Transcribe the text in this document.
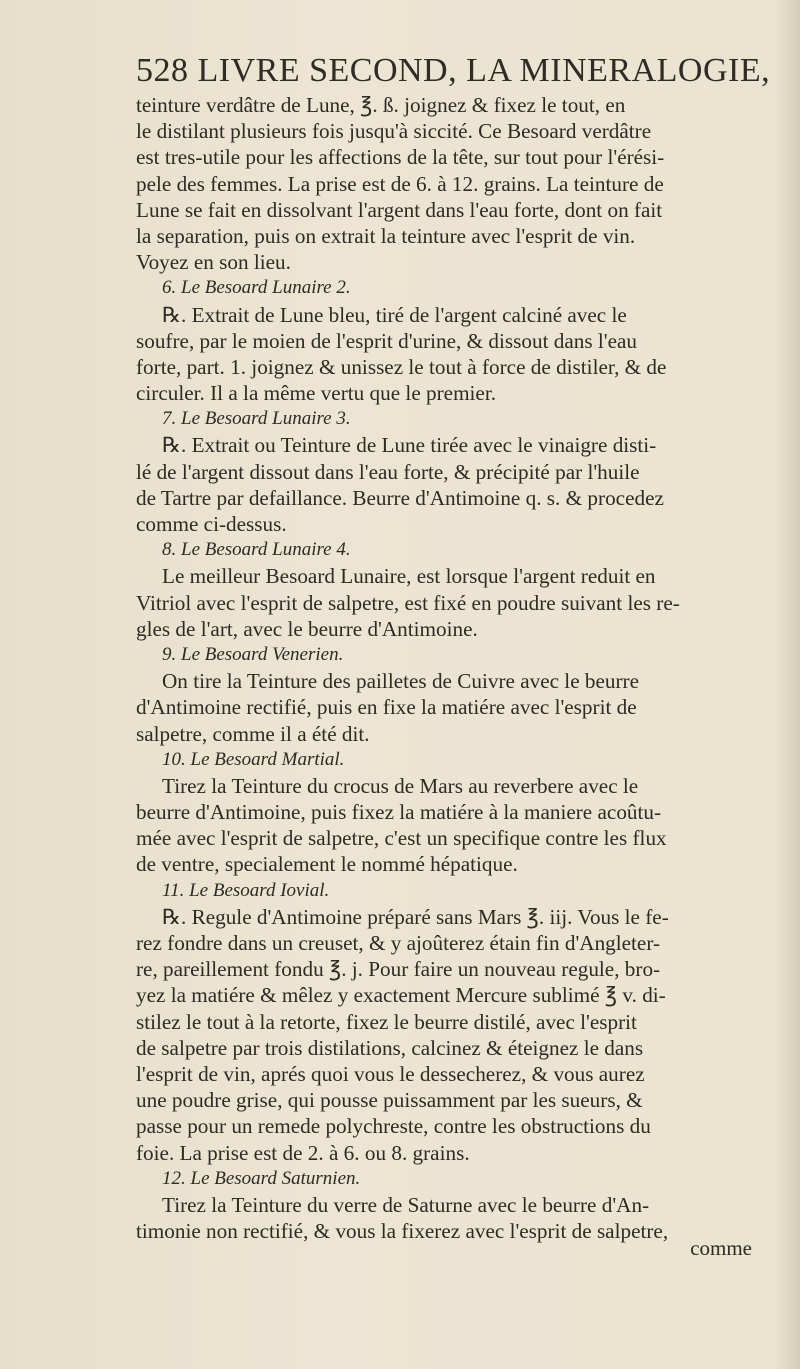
528 LIVRE SECOND, LA MINERALOGIE,
teinture verdâtre de Lune, ℥. ß. joignez & fixez le tout, en
le distilant plusieurs fois jusqu'à siccité. Ce Besoard verdâtre
est tres-utile pour les affections de la tête, sur tout pour l'érési-
pele des femmes. La prise est de 6. à 12. grains. La teinture de
Lune se fait en dissolvant l'argent dans l'eau forte, dont on fait
la separation, puis on extrait la teinture avec l'esprit de vin.
Voyez en son lieu.
6. Le Besoard Lunaire 2.
℞. Extrait de Lune bleu, tiré de l'argent calciné avec le
soufre, par le moien de l'esprit d'urine, & dissout dans l'eau
forte, part. 1. joignez & unissez le tout à force de distiler, & de
circuler. Il a la même vertu que le premier.
7. Le Besoard Lunaire 3.
℞. Extrait ou Teinture de Lune tirée avec le vinaigre disti-
lé de l'argent dissout dans l'eau forte, & précipité par l'huile
de Tartre par defaillance. Beurre d'Antimoine q. s. & procedez
comme ci-dessus.
8. Le Besoard Lunaire 4.
Le meilleur Besoard Lunaire, est lorsque l'argent reduit en
Vitriol avec l'esprit de salpetre, est fixé en poudre suivant les re-
gles de l'art, avec le beurre d'Antimoine.
9. Le Besoard Venerien.
On tire la Teinture des pailletes de Cuivre avec le beurre
d'Antimoine rectifié, puis en fixe la matiére avec l'esprit de
salpetre, comme il a été dit.
10. Le Besoard Martial.
Tirez la Teinture du crocus de Mars au reverbere avec le
beurre d'Antimoine, puis fixez la matiére à la maniere acoûtu-
mée avec l'esprit de salpetre, c'est un specifique contre les flux
de ventre, specialement le nommé hépatique.
11. Le Besoard Iovial.
℞. Regule d'Antimoine préparé sans Mars ℥. iij. Vous le fe-
rez fondre dans un creuset, & y ajoûterez étain fin d'Angleter-
re, pareillement fondu ℥. j. Pour faire un nouveau regule, bro-
yez la matiére & mêlez y exactement Mercure sublimé ℥ v. di-
stilez le tout à la retorte, fixez le beurre distilé, avec l'esprit
de salpetre par trois distilations, calcinez & éteignez le dans
l'esprit de vin, aprés quoi vous le dessecherez, & vous aurez
une poudre grise, qui pousse puissamment par les sueurs, &
passe pour un remede polychreste, contre les obstructions du
foie. La prise est de 2. à 6. ou 8. grains.
12. Le Besoard Saturnien.
Tirez la Teinture du verre de Saturne avec le beurre d'An-
timonie non rectifié, & vous la fixerez avec l'esprit de salpetre,
comme
